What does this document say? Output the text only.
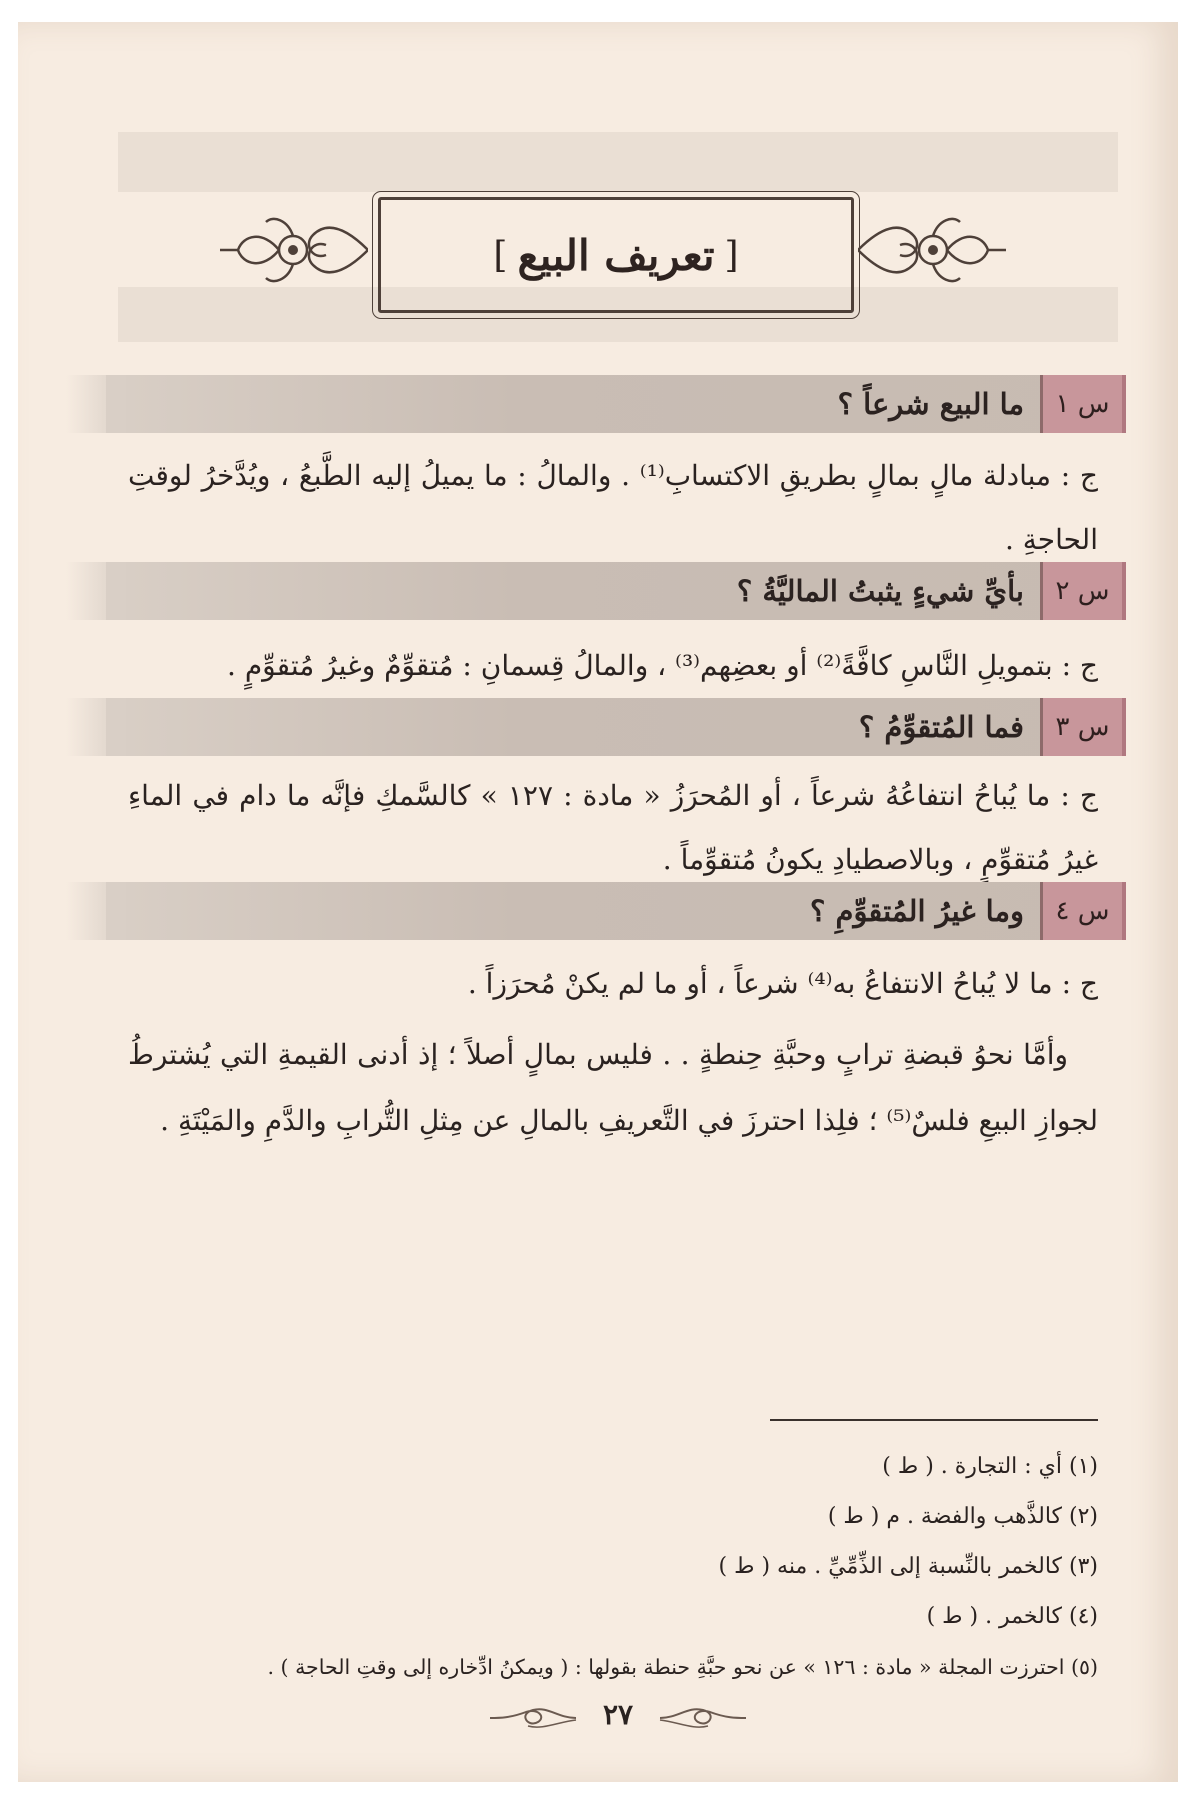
[
تعريف البيع
]
س ١
ما البيع شرعاً ؟
ج : مبادلة مالٍ بمالٍ بطريقِ الاكتسابِ⁽¹⁾ . والمالُ : ما يميلُ إليه الطَّبعُ ، ويُدَّخرُ لوقتِ الحاجةِ .
س ٢
بأيِّ شيءٍ يثبتُ الماليَّةُ ؟
ج : بتمويلِ النَّاسِ كافَّةً⁽²⁾ أو بعضِهم⁽³⁾ ، والمالُ قِسمانِ : مُتقوِّمٌ وغيرُ مُتقوِّمٍ .
س ٣
فما المُتقوِّمُ ؟
ج : ما يُباحُ انتفاعُهُ شرعاً ، أو المُحرَزُ « مادة : ١٢٧ » كالسَّمكِ فإنَّه ما دام في الماءِ غيرُ مُتقوِّمٍ ، وبالاصطيادِ يكونُ مُتقوِّماً .
س ٤
وما غيرُ المُتقوِّمِ ؟
ج : ما لا يُباحُ الانتفاعُ به⁽⁴⁾ شرعاً ، أو ما لم يكنْ مُحرَزاً .
وأمَّا نحوُ قبضةِ ترابٍ وحبَّةِ حِنطةٍ . . فليس بمالٍ أصلاً ؛ إذ أدنى القيمةِ التي يُشترطُ لجوازِ البيعِ فلسٌ⁽⁵⁾ ؛ فلِذا احترزَ في التَّعريفِ بالمالِ عن مِثلِ التُّرابِ والدَّمِ والمَيْتَةِ .
(١) أي : التجارة . ( ط )
(٢) كالذَّهب والفضة . م ( ط )
(٣) كالخمر بالنِّسبة إلى الذِّمِّيِّ . منه ( ط )
(٤) كالخمر . ( ط )
(٥) احترزت المجلة « مادة : ١٢٦ » عن نحو حبَّةِ حنطة بقولها : ( ويمكنُ ادِّخاره إلى وقتِ الحاجة ) .
٢٧
